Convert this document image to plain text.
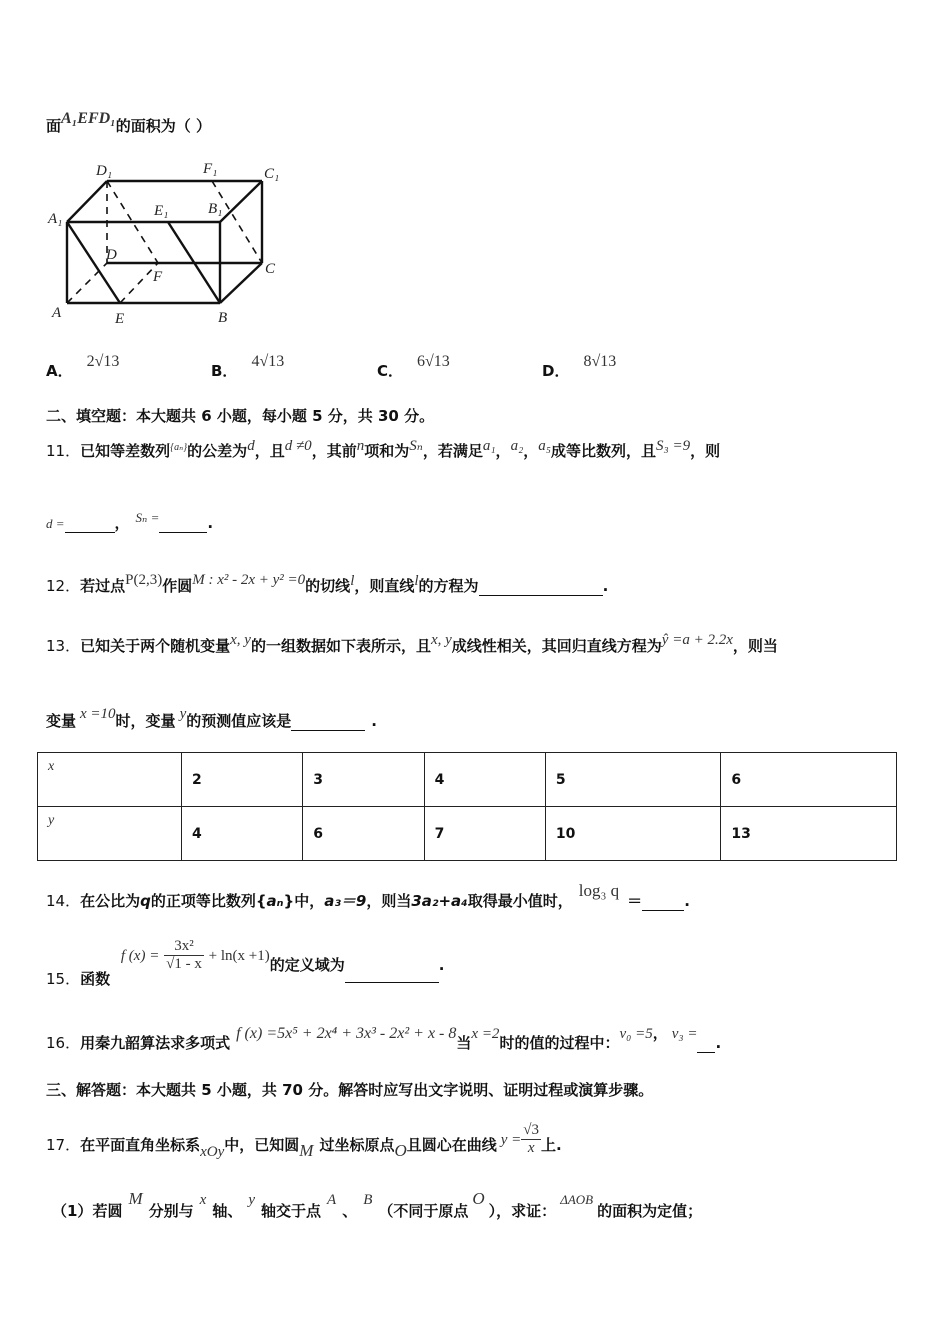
面A₁EFD₁的面积为（ ）
D₁	F₁	C₁
A₁	E₁	B₁
D
F	C
A	E	B
A．2√13
B．4√13
C．6√13
D．8√13
二、填空题：本大题共 6 小题，每小题 5 分，共 30 分。
11．已知等差数列$^{\{a_n\}}$的公差为d，且d ≠0，其前n项和为Sₙ，若满足a₁，a₂，a₅成等比数列，且S₃ =9，则
d =	， Sₙ =	.
12．若过点P(2,3)作圆M : x² - 2x + y² =0的切线l，则直线l的方程为	.
13．已知关于两个随机变量x, y的一组数据如下表所示，且x, y成线性相关，其回归直线方程为ŷ =a + 2.2x，则当
变量 x =10时，变量 y的预测值应该是	.
x	2	3	4	5	6
y	4	6	7	10	13
14．在公比为q的正项等比数列{aₙ}中，a₃＝9，则当3a₂+a₄取得最小值时，log₃ q＝	.
15．函数 f $(x) = \frac{\text{3x²}}{√1 - x} + \ln(x +1)$的定义域为	.
16．用秦九韶算法求多项式f (x) =5x⁵ + 2x⁴ + 3x³ - 2x² + x - 8当x =2时的值的过程中：v₀ =5， v₃ = .
三、解答题：本大题共 5 小题，共 70 分。解答时应写出文字说明、证明过程或演算步骤。
17．在平面直角坐标系xOy中，已知圆M 过坐标原点O且圆心在曲线 $y = \frac{√3}{x}$ 上.
（1）若圆M分别与x轴、y轴交于点A、B（不同于原点O），求证：ΔAOB的面积为定值；
